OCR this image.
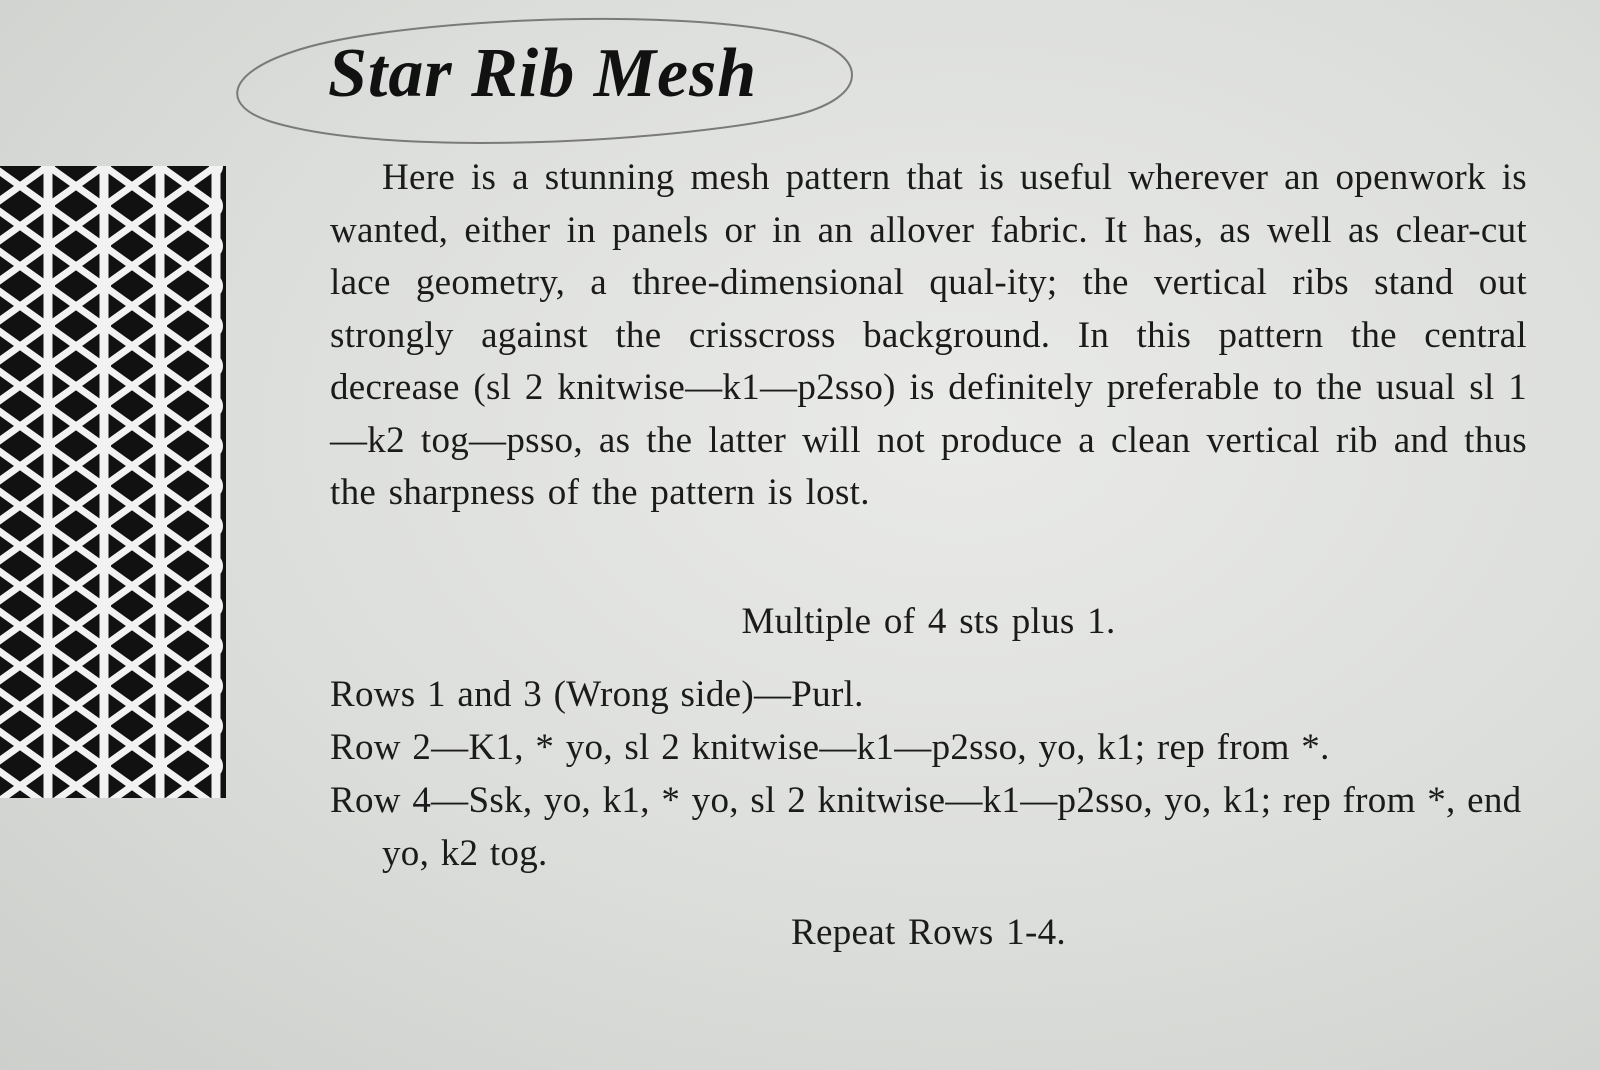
Star Rib Mesh

Here is a stunning mesh pattern that is useful wherever an openwork is wanted, either in panels or in an allover fabric. It has, as well as clear-cut lace geometry, a three-dimensional qual-ity; the vertical ribs stand out strongly against the crisscross background. In this pattern the central decrease (sl 2 knitwise—k1—p2sso) is definitely preferable to the usual sl 1—k2 tog—psso, as the latter will not produce a clean vertical rib and thus the sharpness of the pattern is lost.

Multiple of 4 sts plus 1.

Rows 1 and 3 (Wrong side)—Purl.
Row 2—K1, * yo, sl 2 knitwise—k1—p2sso, yo, k1; rep from *.
Row 4—Ssk, yo, k1, * yo, sl 2 knitwise—k1—p2sso, yo, k1; rep from *, end yo, k2 tog.

Repeat Rows 1-4.
